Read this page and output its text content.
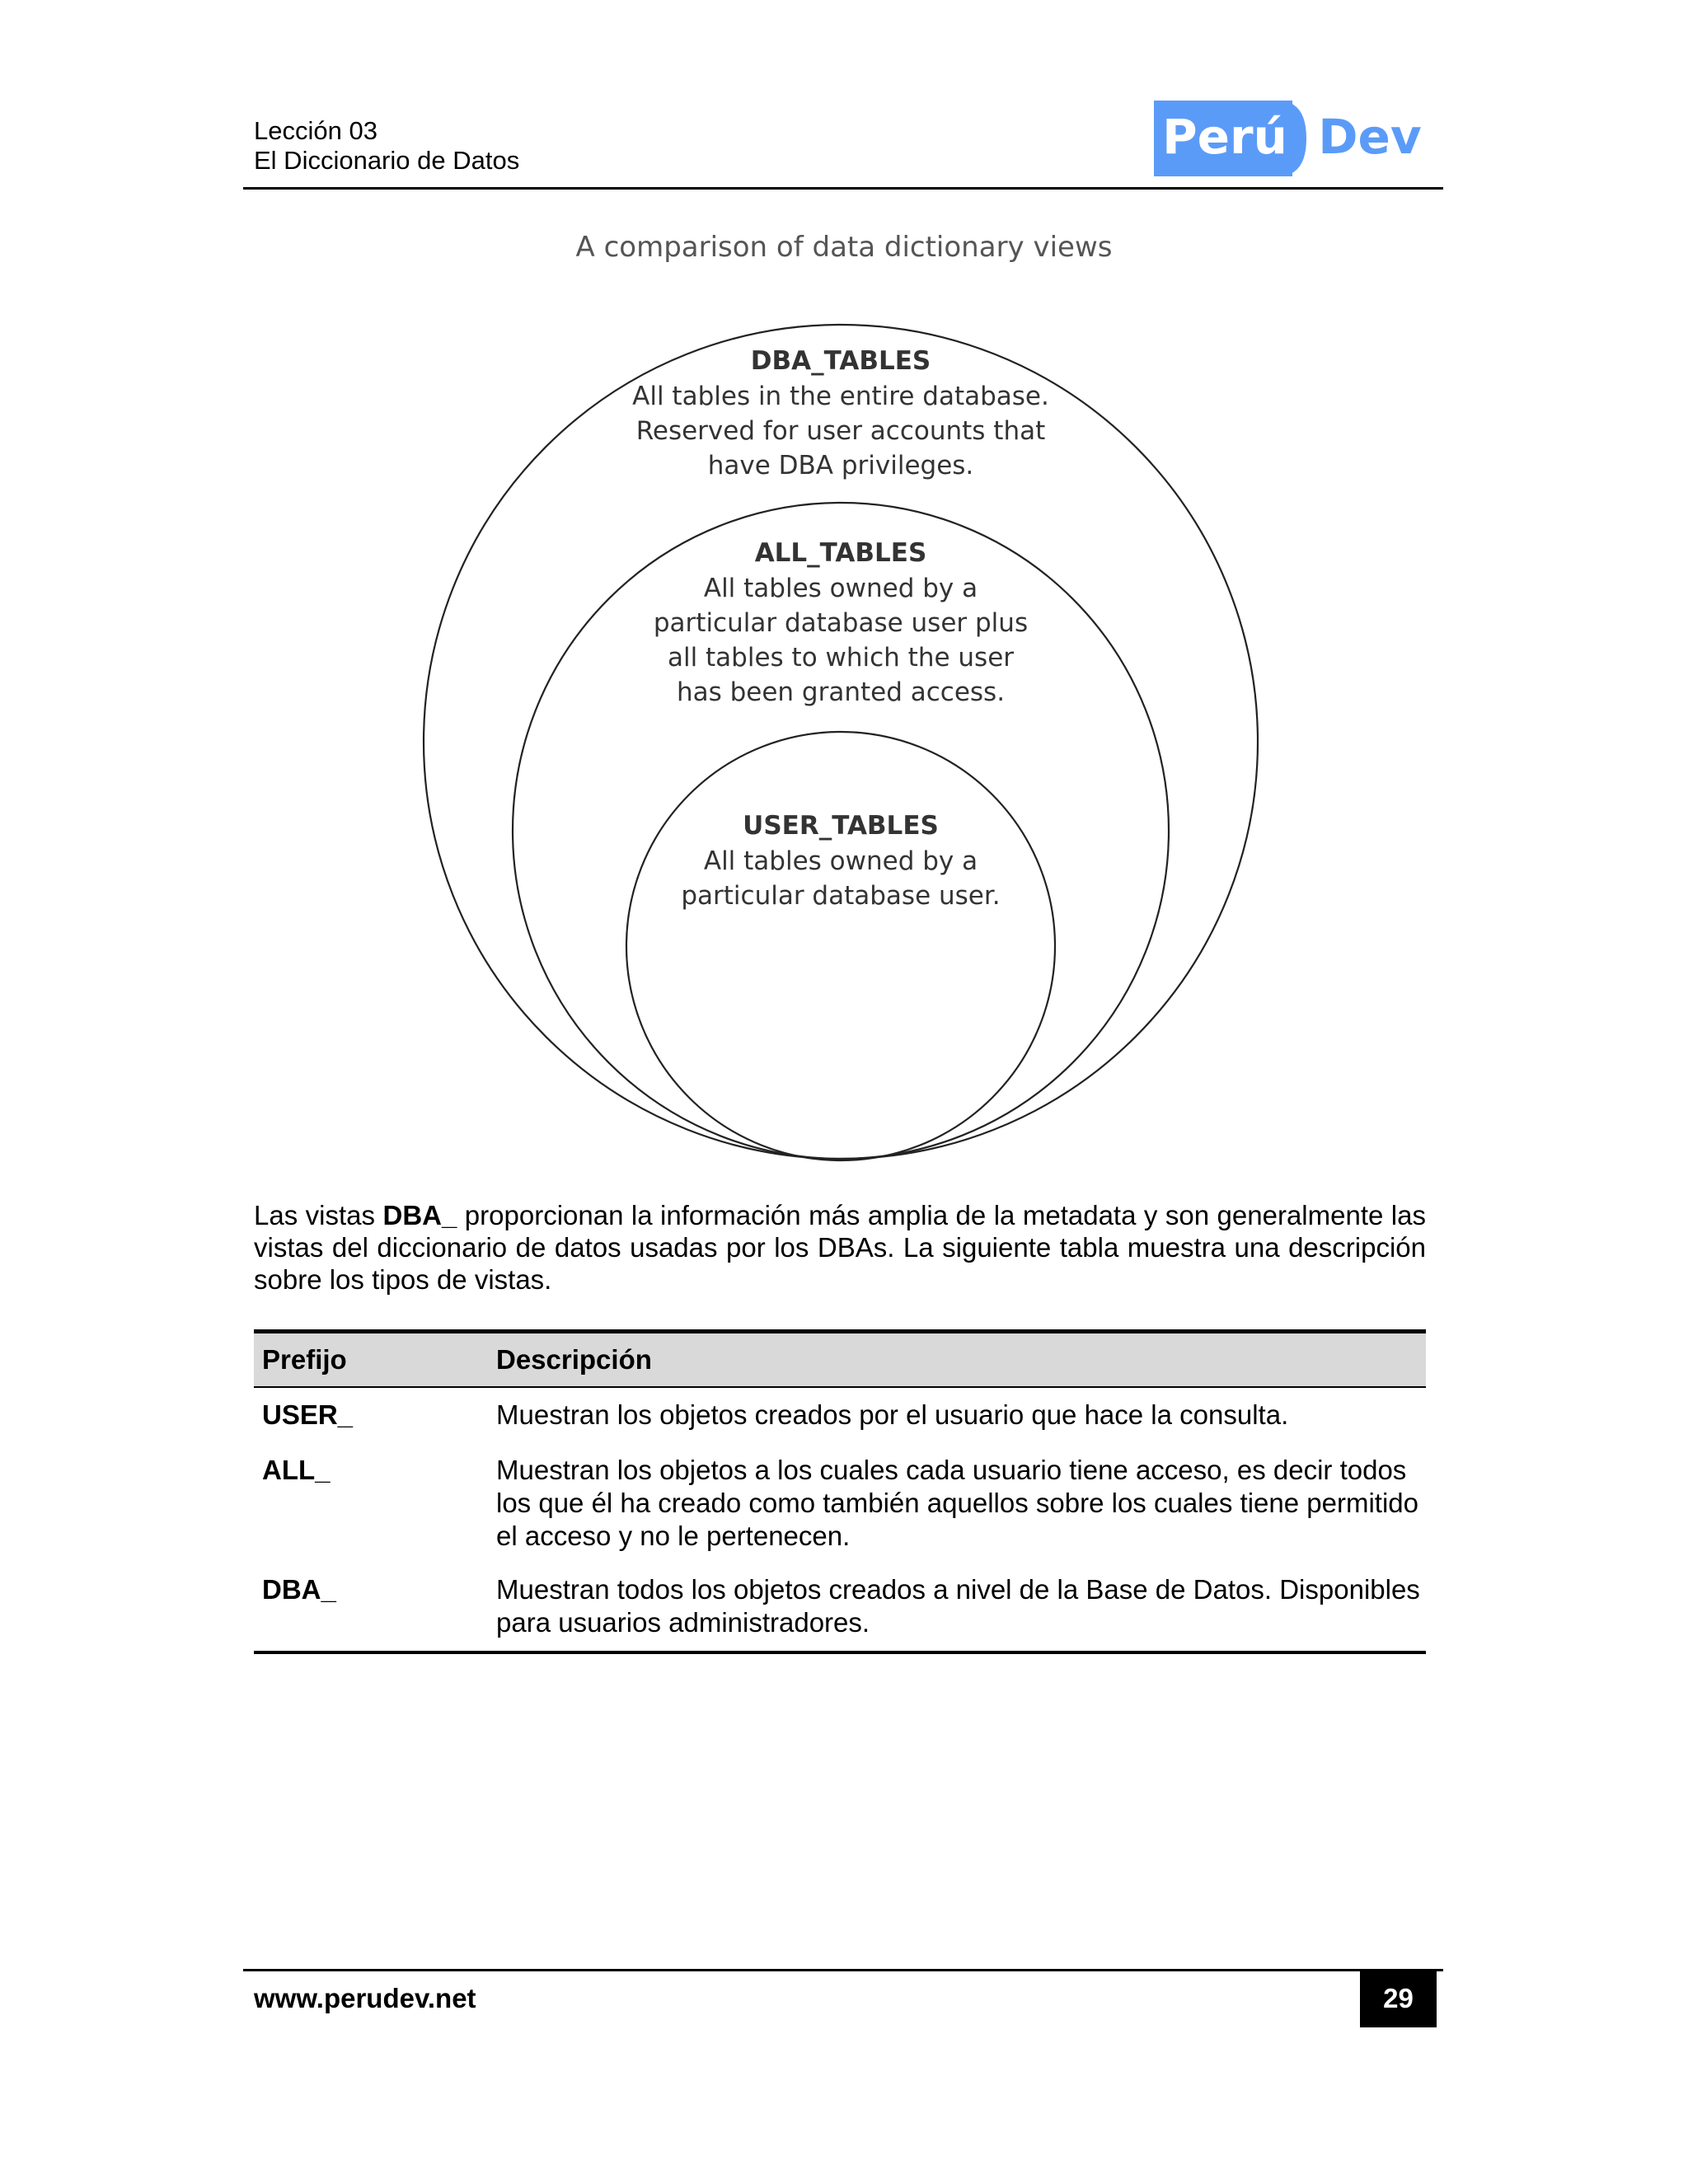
Lección 03
El Diccionario de Datos	Perú Dev
A comparison of data dictionary views
DBA_TABLES
All tables in the entire database.
Reserved for user accounts that
have DBA privileges.
ALL_TABLES
All tables owned by a
particular database user plus
all tables to which the user
has been granted access.
USER_TABLES
All tables owned by a
particular database user.
Las vistas DBA_ proporcionan la información más amplia de la metadata y son generalmente las vistas del diccionario de datos usadas por los DBAs. La siguiente tabla muestra una descripción sobre los tipos de vistas.
Prefijo	Descripción
USER_	Muestran los objetos creados por el usuario que hace la consulta.
ALL_	Muestran los objetos a los cuales cada usuario tiene acceso, es decir todos los que él ha creado como también aquellos sobre los cuales tiene permitido el acceso y no le pertenecen.
DBA_	Muestran todos los objetos creados a nivel de la Base de Datos. Disponibles para usuarios administradores.
www.perudev.net	29
